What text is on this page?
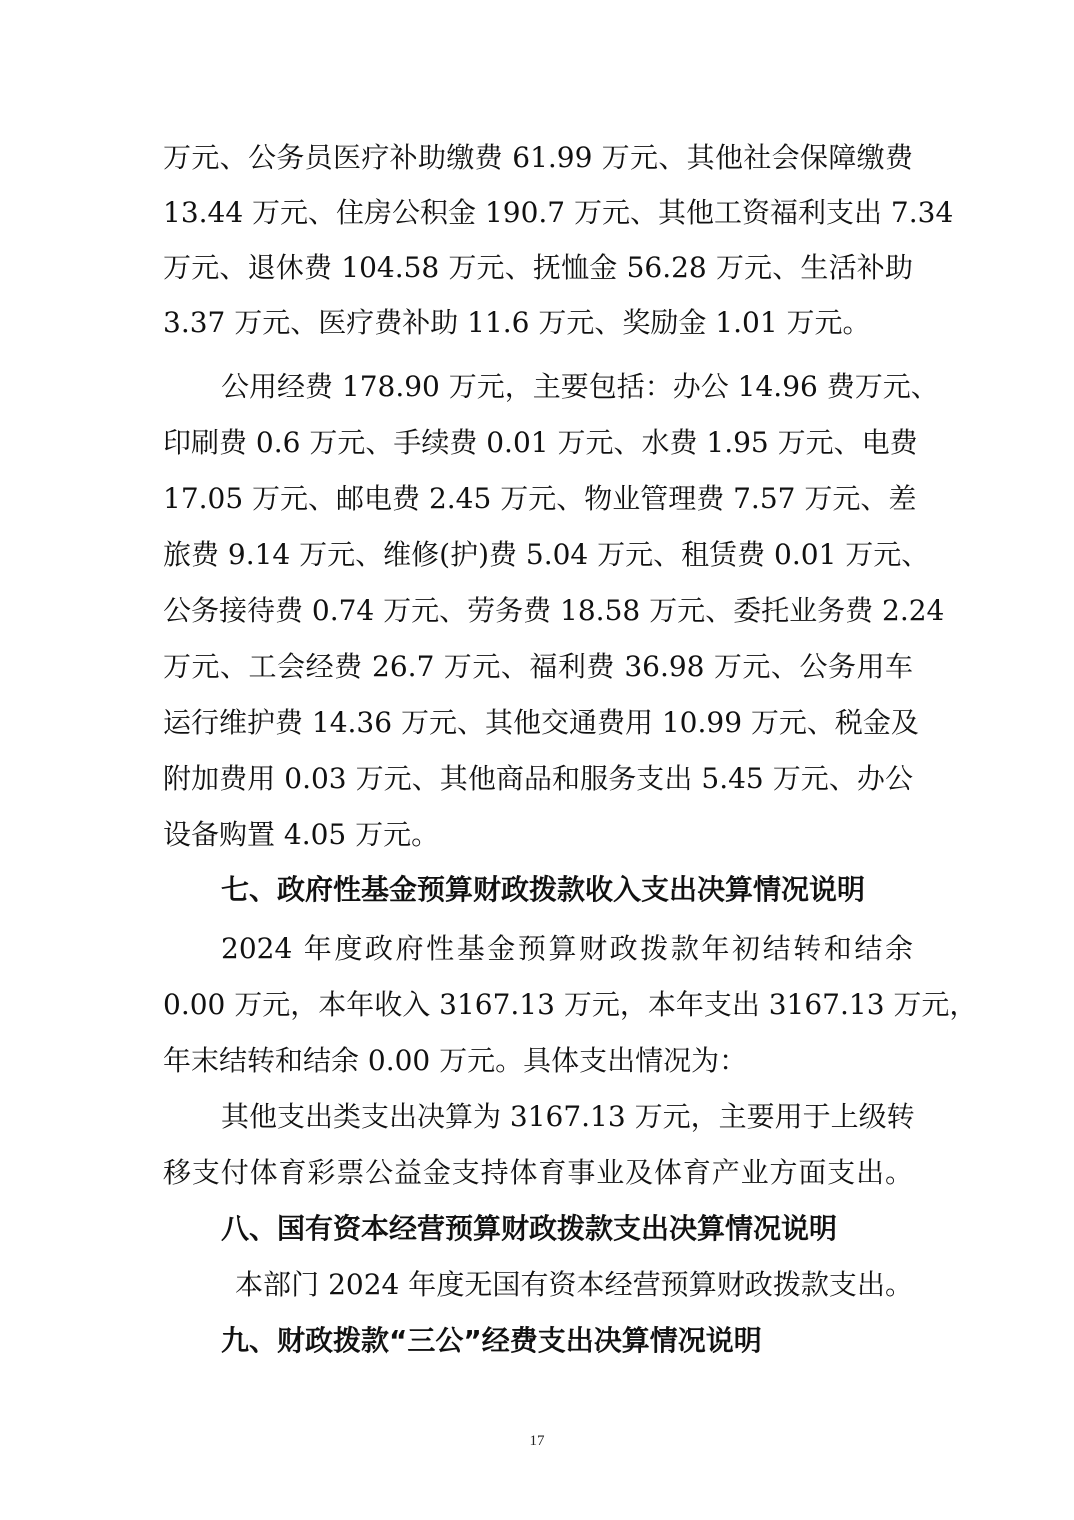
万元、公务员医疗补助缴费 61.99 万元、其他社会保障缴费
13.44 万元、住房公积金 190.7 万元、其他工资福利支出 7.34
万元、退休费 104.58 万元、抚恤金 56.28 万元、生活补助
3.37 万元、医疗费补助 11.6 万元、奖励金 1.01 万元。
公用经费 178.90 万元，主要包括：办公 14.96 费万元、
印刷费 0.6 万元、手续费 0.01 万元、水费 1.95 万元、电费
17.05 万元、邮电费 2.45 万元、物业管理费 7.57 万元、差
旅费 9.14 万元、维修(护)费 5.04 万元、租赁费 0.01 万元、
公务接待费 0.74 万元、劳务费 18.58 万元、委托业务费 2.24
万元、工会经费 26.7 万元、福利费 36.98 万元、公务用车
运行维护费 14.36 万元、其他交通费用 10.99 万元、税金及
附加费用 0.03 万元、其他商品和服务支出 5.45 万元、办公
设备购置 4.05 万元。
七、政府性基金预算财政拨款收入支出决算情况说明
2024 年度政府性基金预算财政拨款年初结转和结余
0.00 万元，本年收入 3167.13 万元，本年支出 3167.13 万元，
年末结转和结余 0.00 万元。具体支出情况为：
其他支出类支出决算为 3167.13 万元，主要用于上级转
移支付体育彩票公益金支持体育事业及体育产业方面支出。
八、国有资本经营预算财政拨款支出决算情况说明
本部门 2024 年度无国有资本经营预算财政拨款支出。
九、财政拨款“三公”经费支出决算情况说明
17
